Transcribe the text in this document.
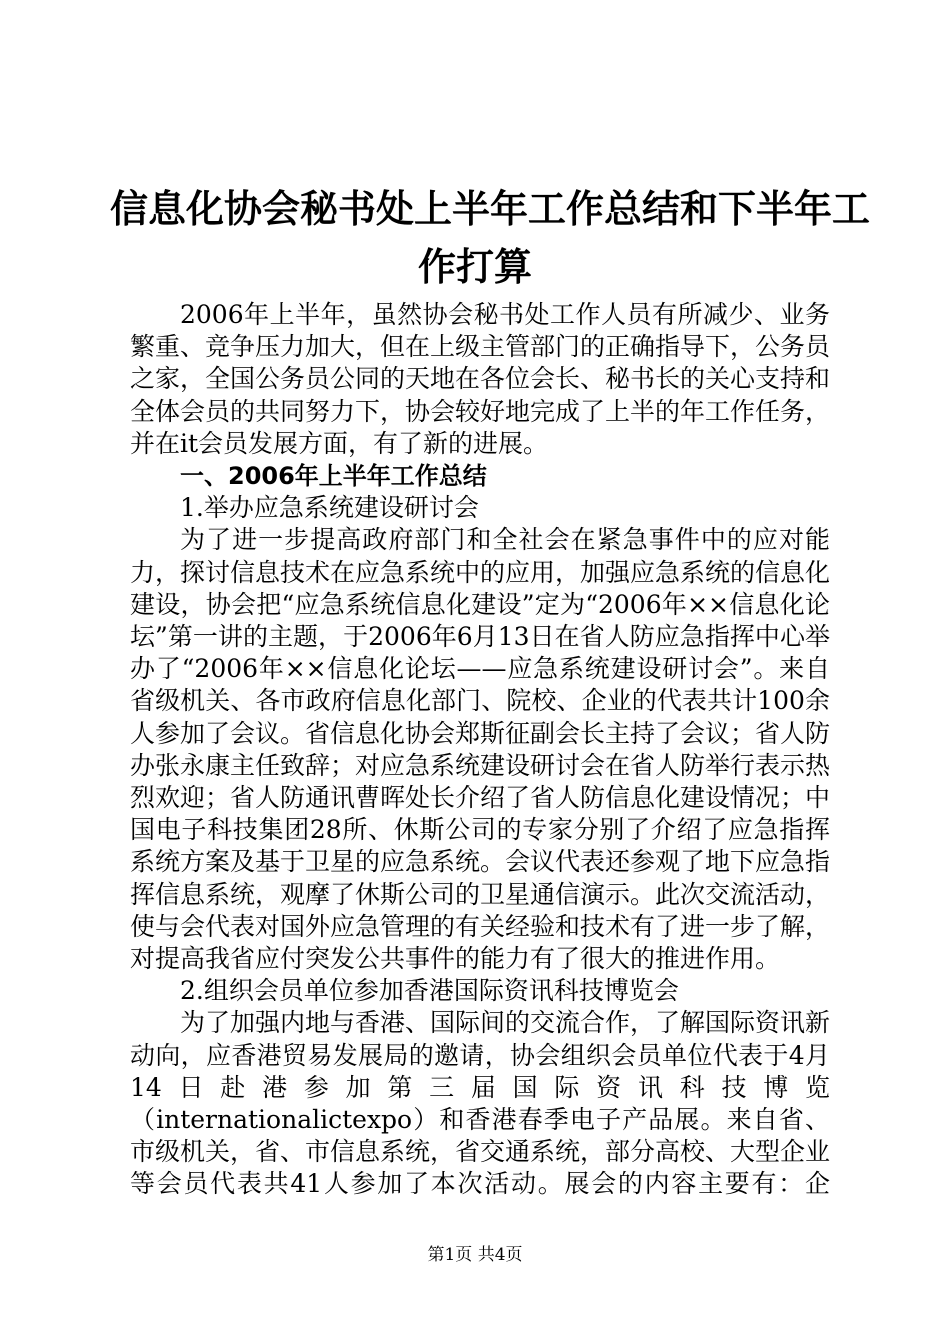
信息化协会秘书处上半年工作总结和下半年工
作打算

2006年上半年，虽然协会秘书处工作人员有所减少、业务繁重、竞争压力加大，但在上级主管部门的正确指导下，公务员之家，全国公务员公同的天地在各位会长、秘书长的关心支持和全体会员的共同努力下，协会较好地完成了上半的年工作任务，并在it会员发展方面，有了新的进展。

一、2006年上半年工作总结

1.举办应急系统建设研讨会

为了进一步提高政府部门和全社会在紧急事件中的应对能力，探讨信息技术在应急系统中的应用，加强应急系统的信息化建设，协会把“应急系统信息化建设”定为“2006年××信息化论坛”第一讲的主题，于2006年6月13日在省人防应急指挥中心举办了“2006年××信息化论坛——应急系统建设研讨会”。来自省级机关、各市政府信息化部门、院校、企业的代表共计100余人参加了会议。省信息化协会郑斯征副会长主持了会议；省人防办张永康主任致辞；对应急系统建设研讨会在省人防举行表示热烈欢迎；省人防通讯曹晖处长介绍了省人防信息化建设情况；中国电子科技集团28所、休斯公司的专家分别了介绍了应急指挥系统方案及基于卫星的应急系统。会议代表还参观了地下应急指挥信息系统，观摩了休斯公司的卫星通信演示。此次交流活动，使与会代表对国外应急管理的有关经验和技术有了进一步了解，对提高我省应付突发公共事件的能力有了很大的推进作用。

2.组织会员单位参加香港国际资讯科技博览会

为了加强内地与香港、国际间的交流合作，了解国际资讯新动向，应香港贸易发展局的邀请，协会组织会员单位代表于4月14日赴港参加第三届国际资讯科技博览（internationalictexpo）和香港春季电子产品展。来自省、市级机关，省、市信息系统，省交通系统，部分高校、大型企业等会员代表共41人参加了本次活动。展会的内容主要有：企

第1页 共4页
